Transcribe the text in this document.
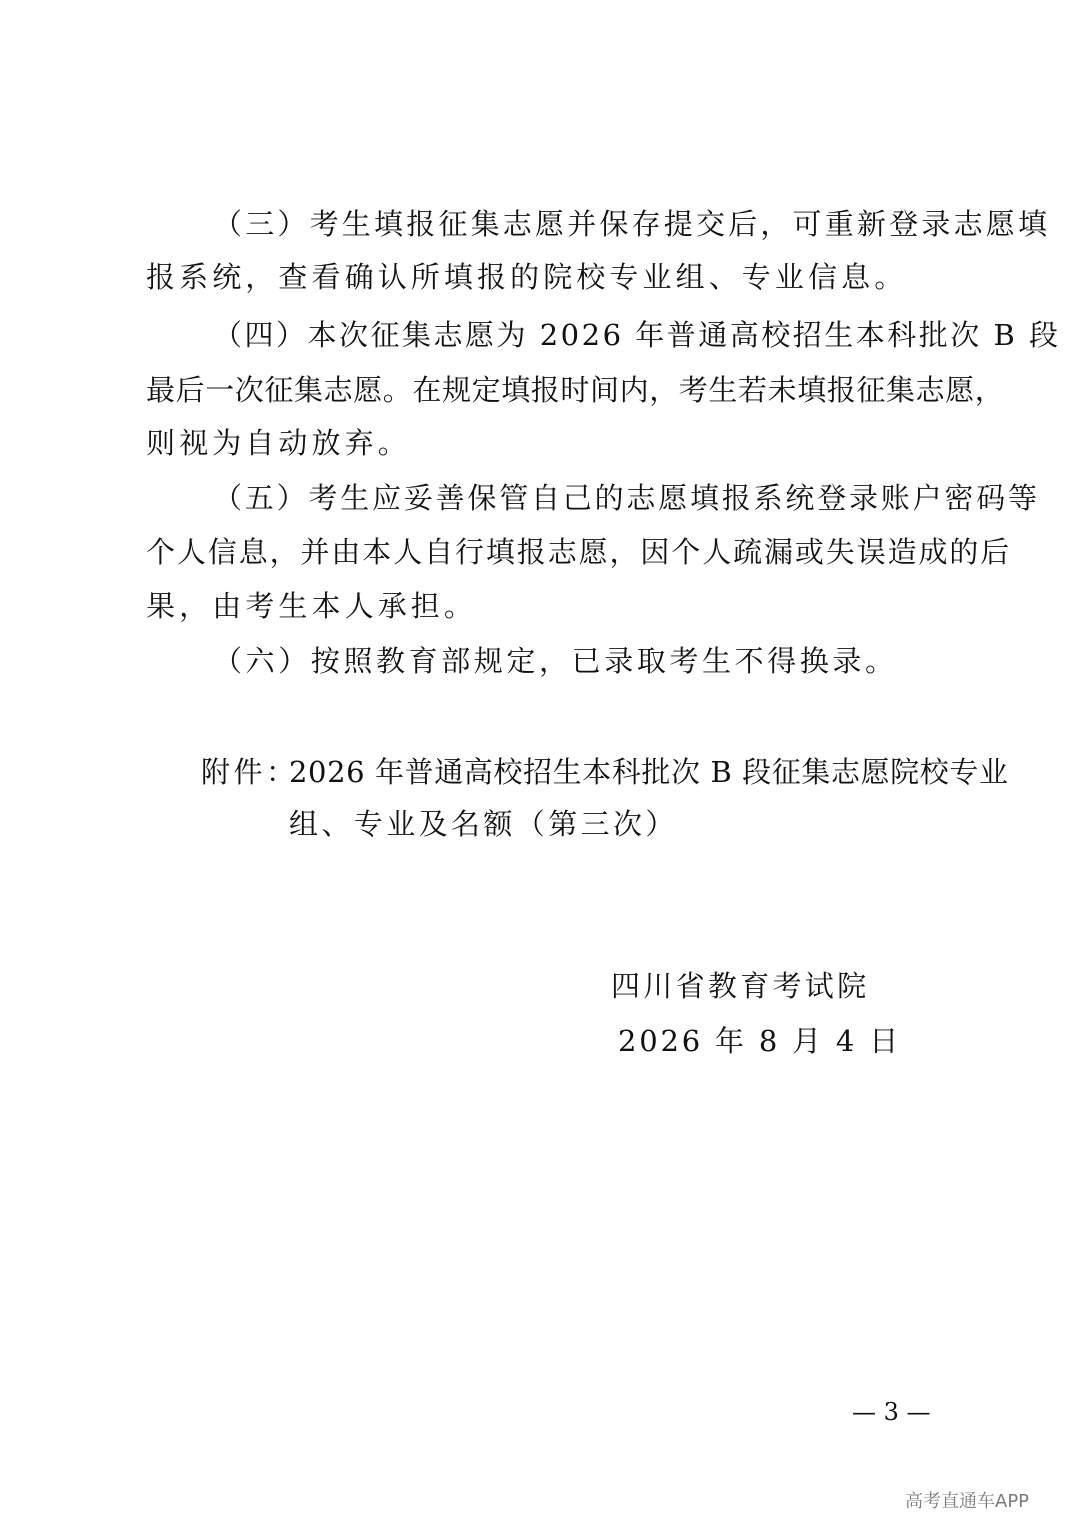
（三）考生填报征集志愿并保存提交后，可重新登录志愿填
报系统，查看确认所填报的院校专业组、专业信息。
（四）本次征集志愿为 2026 年普通高校招生本科批次 B 段
最后一次征集志愿。在规定填报时间内，考生若未填报征集志愿，
则视为自动放弃。
（五）考生应妥善保管自己的志愿填报系统登录账户密码等
个人信息，并由本人自行填报志愿，因个人疏漏或失误造成的后
果，由考生本人承担。
（六）按照教育部规定，已录取考生不得换录。
附件：
2026 年普通高校招生本科批次 B 段征集志愿院校专业
组、专业及名额（第三次）
四川省教育考试院
2026 年 8 月 4 日
— 3 —
高考直通车APP
